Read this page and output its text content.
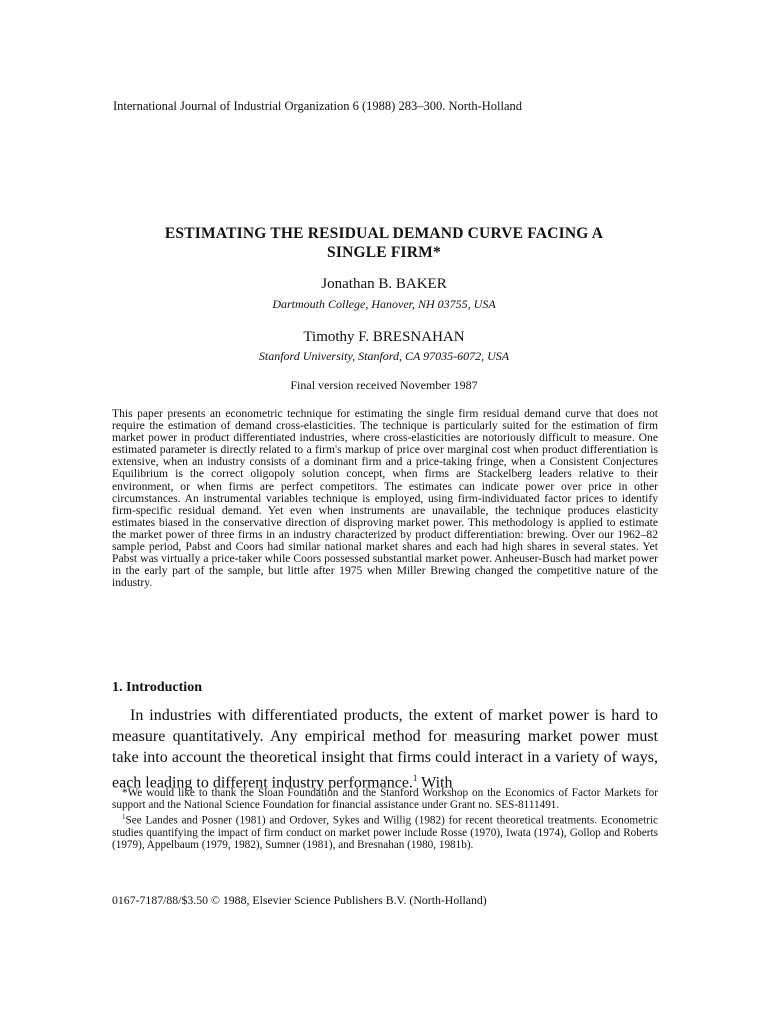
International Journal of Industrial Organization 6 (1988) 283–300. North-Holland
ESTIMATING THE RESIDUAL DEMAND CURVE FACING A
SINGLE FIRM*
Jonathan B. BAKER
Dartmouth College, Hanover, NH 03755, USA
Timothy F. BRESNAHAN
Stanford University, Stanford, CA 97035-6072, USA
Final version received November 1987
This paper presents an econometric technique for estimating the single firm residual demand curve that does not require the estimation of demand cross-elasticities. The technique is particularly suited for the estimation of firm market power in product differentiated industries, where cross-elasticities are notoriously difficult to measure. One estimated parameter is directly related to a firm's markup of price over marginal cost when product differentiation is extensive, when an industry consists of a dominant firm and a price-taking fringe, when a Consistent Conjectures Equilibrium is the correct oligopoly solution concept, when firms are Stackelberg leaders relative to their environment, or when firms are perfect competitors. The estimates can indicate power over price in other circumstances. An instrumental variables technique is employed, using firm-individuated factor prices to identify firm-specific residual demand. Yet even when instruments are unavailable, the technique produces elasticity estimates biased in the conservative direction of disproving market power. This methodology is applied to estimate the market power of three firms in an industry characterized by product differentiation: brewing. Over our 1962–82 sample period, Pabst and Coors had similar national market shares and each had high shares in several states. Yet Pabst was virtually a price-taker while Coors possessed substantial market power. Anheuser-Busch had market power in the early part of the sample, but little after 1975 when Miller Brewing changed the competitive nature of the industry.
1. Introduction
In industries with differentiated products, the extent of market power is hard to measure quantitatively. Any empirical method for measuring market power must take into account the theoretical insight that firms could interact in a variety of ways, each leading to different industry performance.$^1$ With

*We would like to thank the Sloan Foundation and the Stanford Workshop on the Economics of Factor Markets for support and the National Science Foundation for financial assistance under Grant no. SES-8111491.

$^1$See Landes and Posner (1981) and Ordover, Sykes and Willig (1982) for recent theoretical treatments. Econometric studies quantifying the impact of firm conduct on market power include Rosse (1970), Iwata (1974), Gollop and Roberts (1979), Appelbaum (1979, 1982), Sumner (1981), and Bresnahan (1980, 1981b).

0167-7187/88/$3.50 © 1988, Elsevier Science Publishers B.V. (North-Holland)
